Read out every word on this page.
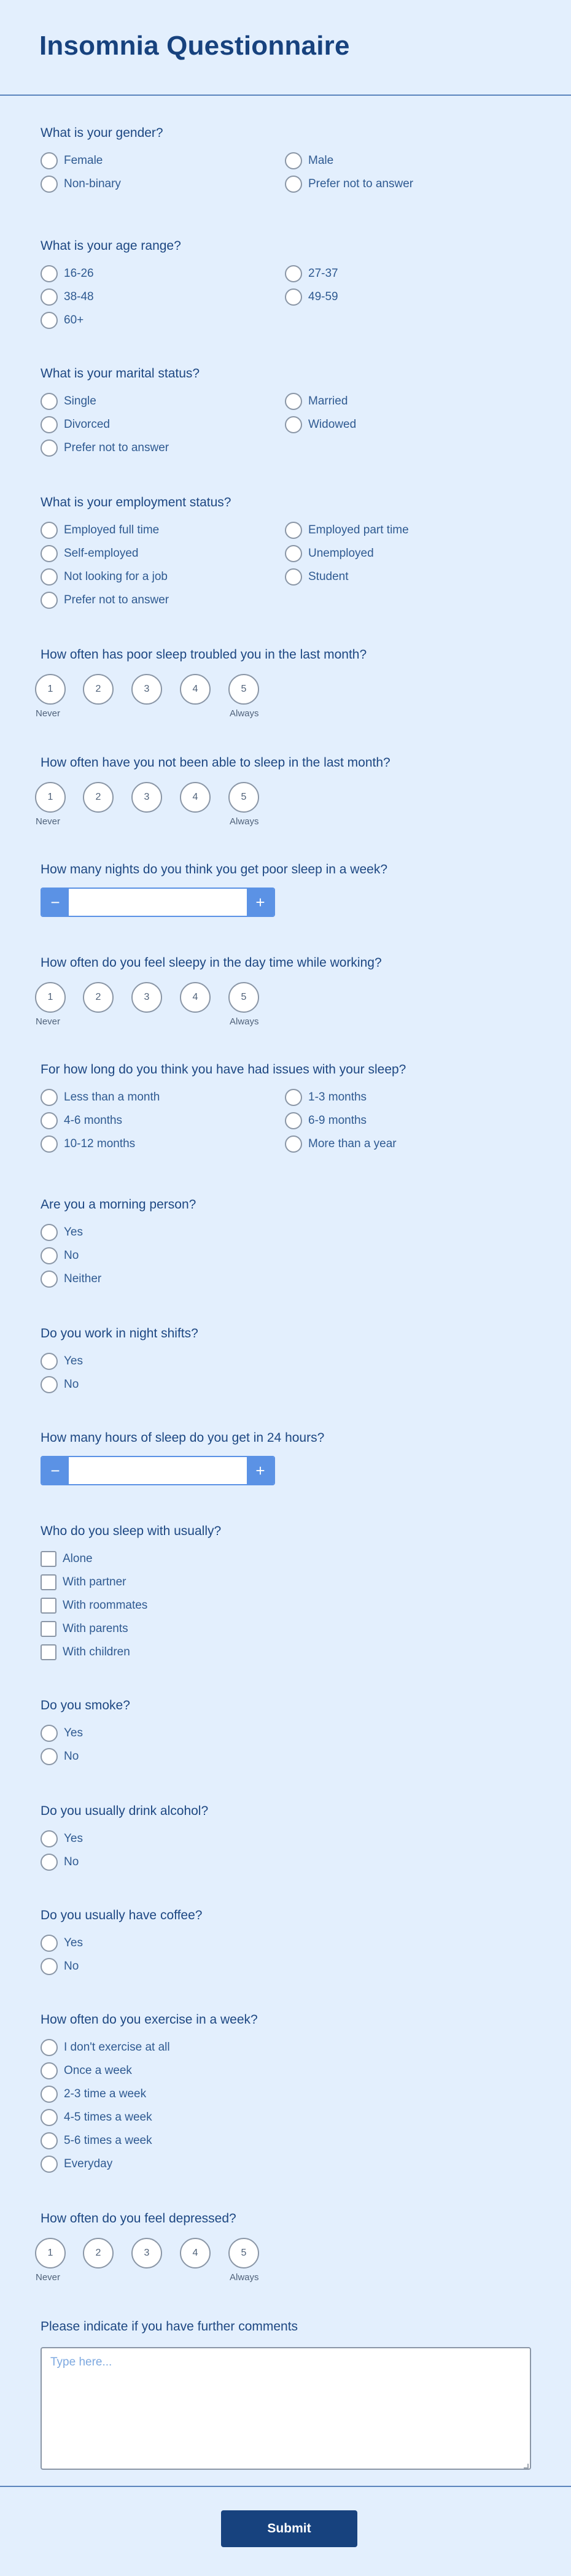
Insomnia Questionnaire
What is your gender?
Female	Male
Non-binary	Prefer not to answer
What is your age range?
16-26	27-37
38-48	49-59
60+
What is your marital status?
Single	Married
Divorced	Widowed
Prefer not to answer
What is your employment status?
Employed full time	Employed part time
Self-employed	Unemployed
Not looking for a job	Student
Prefer not to answer
How often has poor sleep troubled you in the last month?
1	2	3	4	5
Never	Always
How often have you not been able to sleep in the last month?
1	2	3	4	5
Never	Always
How many nights do you think you get poor sleep in a week?
−	+
How often do you feel sleepy in the day time while working?
1	2	3	4	5
Never	Always
For how long do you think you have had issues with your sleep?
Less than a month	1-3 months
4-6 months	6-9 months
10-12 months	More than a year
Are you a morning person?
Yes
No
Neither
Do you work in night shifts?
Yes
No
How many hours of sleep do you get in 24 hours?
−	+
Who do you sleep with usually?
Alone
With partner
With roommates
With parents
With children
Do you smoke?
Yes
No
Do you usually drink alcohol?
Yes
No
Do you usually have coffee?
Yes
No
How often do you exercise in a week?
I don't exercise at all
Once a week
2-3 time a week
4-5 times a week
5-6 times a week
Everyday
How often do you feel depressed?
1	2	3	4	5
Never	Always
Please indicate if you have further comments
Type here...
Submit
